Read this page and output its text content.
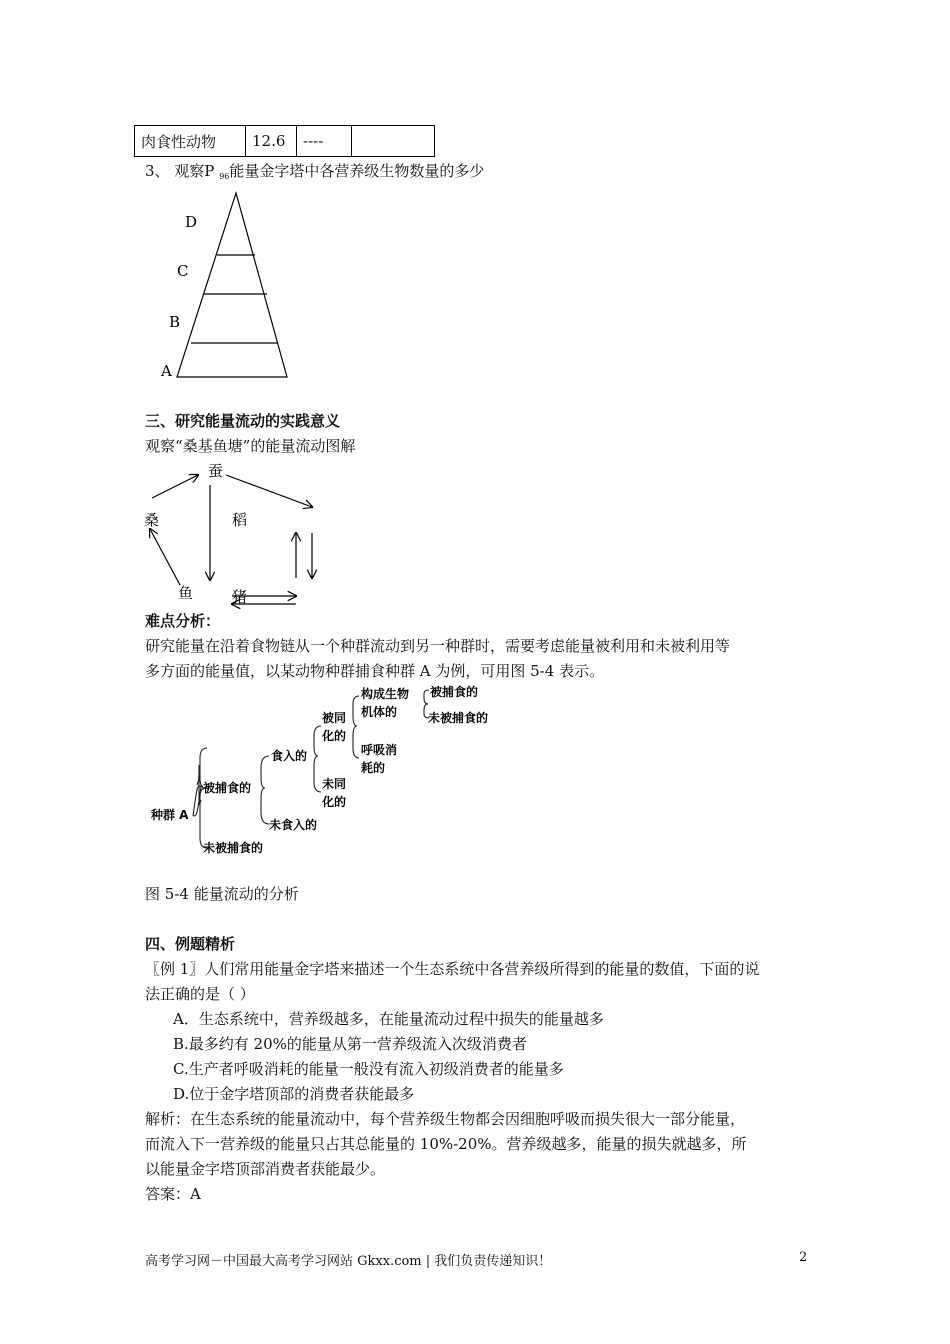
肉食性动物	12.6	----	
3、 观察P $_{96}$能量金字塔中各营养级生物数量的多少
D
C
B
A
三、研究能量流动的实践意义
观察“桑基鱼塘”的能量流动图解
蚕
桑	稻
鱼	猪
难点分析：
研究能量在沿着食物链从一个种群流动到另一种群时，需要考虑能量被利用和未被利用等
多方面的能量值，以某动物种群捕食种群 A 为例，可用图 5-4 表示。
种群 A
被捕食的
未被捕食的
食入的
未食入的
被同
化的
未同
化的
构成生物
机体的
呼吸消
耗的
被捕食的
未被捕食的
图 5-4 能量流动的分析
四、例题精析
〖例 1〗人们常用能量金字塔来描述一个生态系统中各营养级所得到的能量的数值，下面的说
法正确的是（ ）
A．生态系统中，营养级越多，在能量流动过程中损失的能量越多
B.最多约有 20%的能量从第一营养级流入次级消费者
C.生产者呼吸消耗的能量一般没有流入初级消费者的能量多
D.位于金字塔顶部的消费者获能最多
解析：在生态系统的能量流动中，每个营养级生物都会因细胞呼吸而损失很大一部分能量，
而流入下一营养级的能量只占其总能量的 10%-20%。营养级越多，能量的损失就越多，所
以能量金字塔顶部消费者获能最少。
答案：A
高考学习网－中国最大高考学习网站 Gkxx.com | 我们负责传递知识！	2
